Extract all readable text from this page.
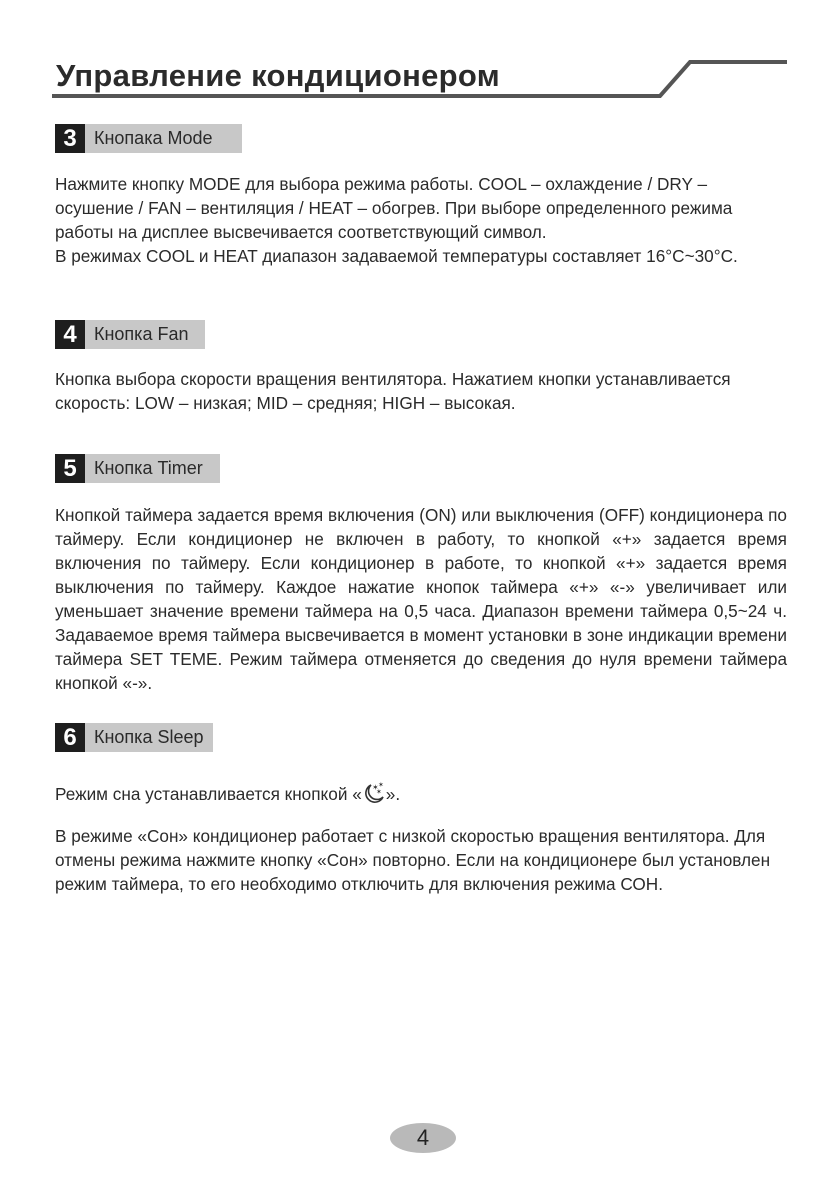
Управление кондиционером
3 Кнопака Mode

Нажмите кнопку MODE для выбора режима работы. COOL – охлаждение / DRY – осушение / FAN – вентиляция / HEAT – обогрев. При выборе определенного режима работы на дисплее высвечивается соответствующий символ.

В режимах COOL и HEAT диапазон задаваемой температуры составляет 16°C~30°C.

4 Кнопка Fan

Кнопка выбора скорости вращения вентилятора. Нажатием кнопки устанавливается скорость: LOW – низкая; MID – средняя; HIGH – высокая.

5 Кнопка Timer

Кнопкой таймера задается время включения (ON) или выключения (OFF) кондиционера по таймеру. Если кондиционер не включен в работу, то кнопкой «+» задается время включения по таймеру. Если кондиционер в работе, то кнопкой «+» задается время выключения по таймеру. Каждое нажатие кнопок таймера «+» «-» увеличивает или уменьшает значение времени таймера на 0,5 часа. Диапазон времени таймера 0,5~24 ч. Задаваемое время таймера высвечивается в момент установки в зоне индикации времени таймера SET TEME. Режим таймера отменяется до сведения до нуля времени таймера кнопкой «-».

6 Кнопка Sleep

Режим сна устанавливается кнопкой « ✶ ✶
✶ ».

В режиме «Сон» кондиционер работает с низкой скоростью вращения вентилятора. Для отмены режима нажмите кнопку «Сон» повторно. Если на кондиционере был установлен режим таймера, то его необходимо отключить для включения режима СОН.

4
